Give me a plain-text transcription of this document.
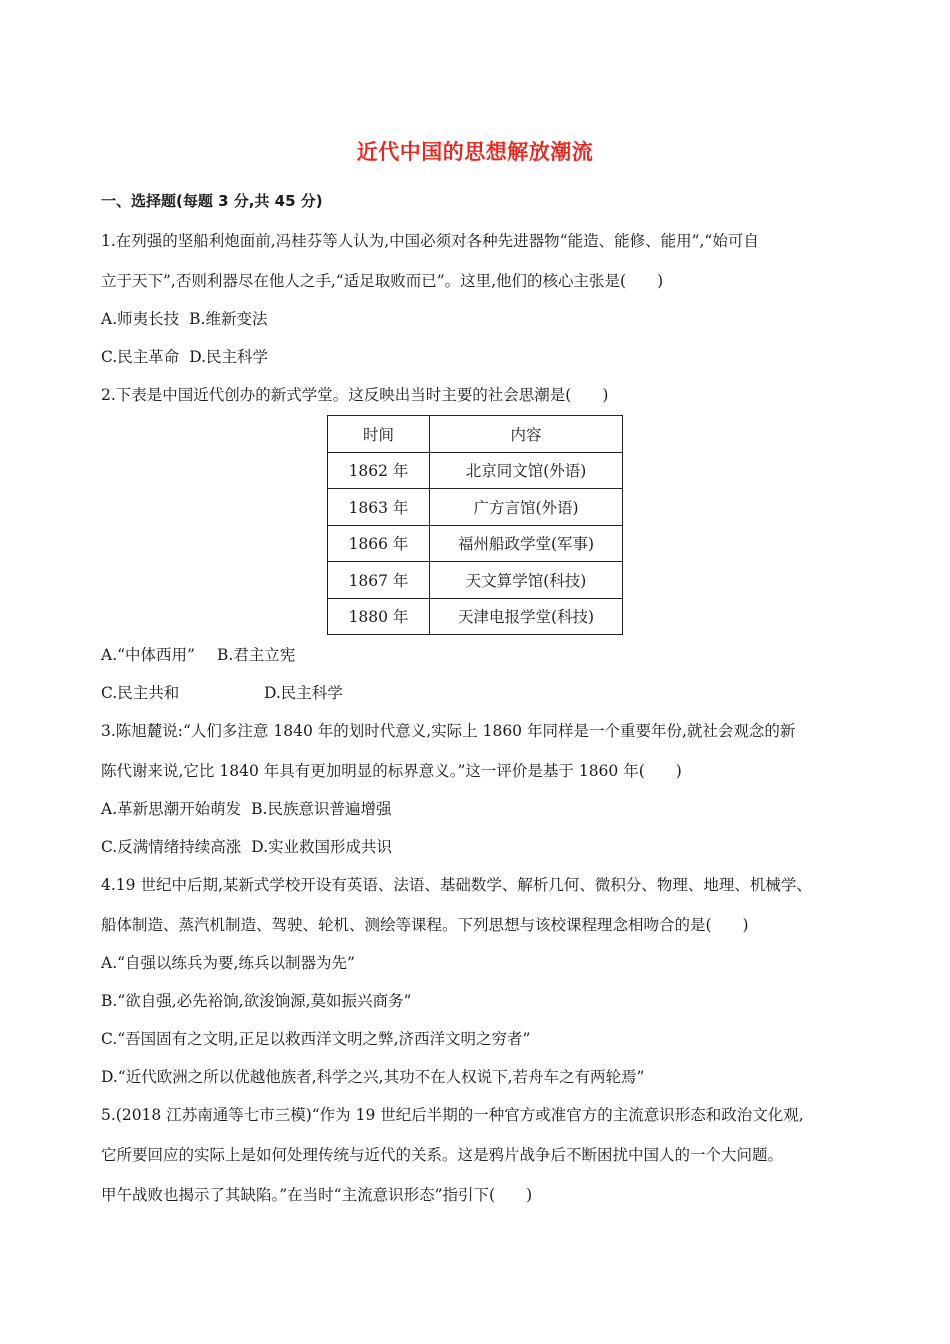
近代中国的思想解放潮流
一、选择题(每题 3 分,共 45 分)
1.在列强的坚船利炮面前,冯桂芬等人认为,中国必须对各种先进器物“能造、能修、能用”,“始可自
立于天下”,否则利器尽在他人之手,“适足取败而已”。这里,他们的核心主张是(　　)
A.师夷长技 B.维新变法
C.民主革命 D.民主科学
2.下表是中国近代创办的新式学堂。这反映出当时主要的社会思潮是(　　)
时间	内容
1862 年	北京同文馆(外语)
1863 年	广方言馆(外语)
1866 年	福州船政学堂(军事)
1867 年	天文算学馆(科技)
1880 年	天津电报学堂(科技)
A.“中体西用” B.君主立宪
C.民主共和	D.民主科学
3.陈旭麓说:“人们多注意 1840 年的划时代意义,实际上 1860 年同样是一个重要年份,就社会观念的新
陈代谢来说,它比 1840 年具有更加明显的标界意义。”这一评价是基于 1860 年(　　)
A.革新思潮开始萌发 B.民族意识普遍增强
C.反满情绪持续高涨 D.实业救国形成共识
4.19 世纪中后期,某新式学校开设有英语、法语、基础数学、解析几何、微积分、物理、地理、机械学、
船体制造、蒸汽机制造、驾驶、轮机、测绘等课程。下列思想与该校课程理念相吻合的是(　　)
A.“自强以练兵为要,练兵以制器为先”
B.“欲自强,必先裕饷,欲浚饷源,莫如振兴商务”
C.“吾国固有之文明,正足以救西洋文明之弊,济西洋文明之穷者”
D.“近代欧洲之所以优越他族者,科学之兴,其功不在人权说下,若舟车之有两轮焉”
5.(2018 江苏南通等七市三模)“作为 19 世纪后半期的一种官方或准官方的主流意识形态和政治文化观,
它所要回应的实际上是如何处理传统与近代的关系。这是鸦片战争后不断困扰中国人的一个大问题。
甲午战败也揭示了其缺陷。”在当时“主流意识形态”指引下(　　)
